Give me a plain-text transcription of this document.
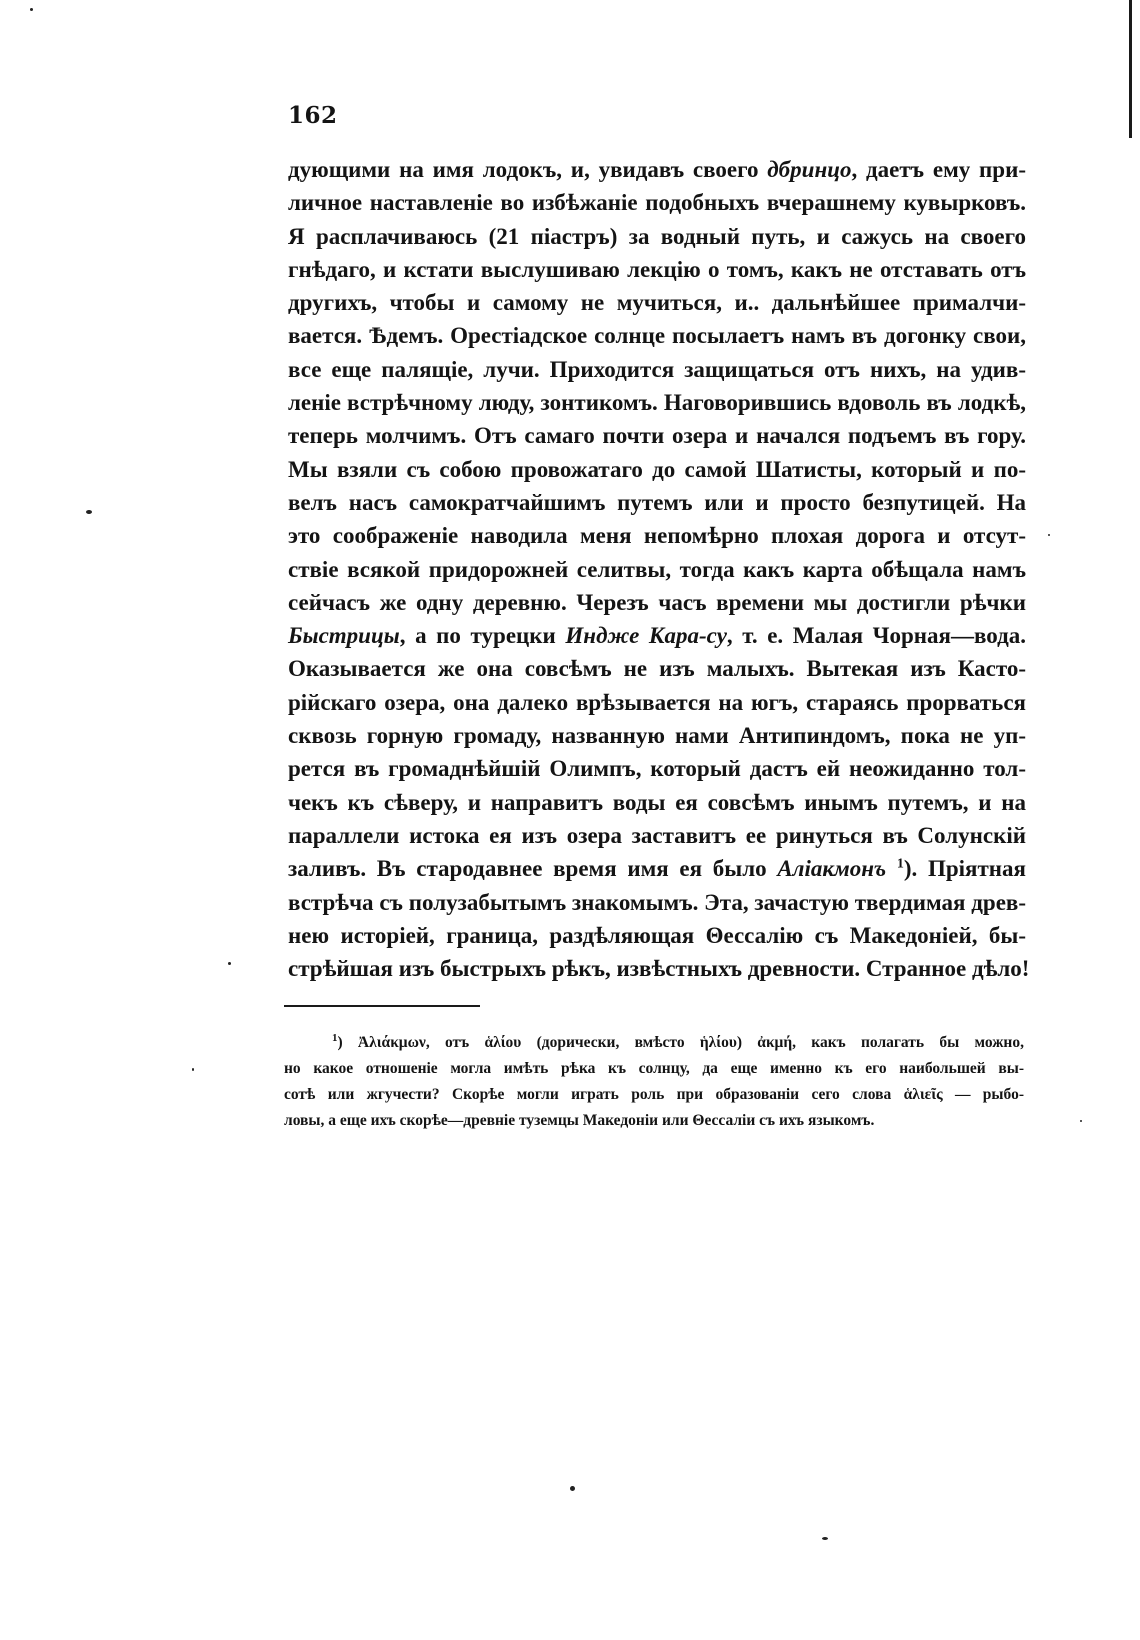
162
дующими на имя лодокъ, и, увидавъ своего дбринцо, даетъ ему при-
личное наставленіе во избѣжаніе подобныхъ вчерашнему кувырковъ.
Я расплачиваюсь (21 піастръ) за водный путь, и сажусь на своего
гнѣдаго, и кстати выслушиваю лекцію о томъ, какъ не отставать отъ
другихъ, чтобы и самому не мучиться, и.. дальнѣйшее прималчи-
вается. Ѣдемъ. Орестіадское солнце посылаетъ намъ въ догонку свои,
все еще палящіе, лучи. Приходится защищаться отъ нихъ, на удив-
леніе встрѣчному люду, зонтикомъ. Наговорившись вдоволь въ лодкѣ,
теперь молчимъ. Отъ самаго почти озера и начался подъемъ въ гору.
Мы взяли съ собою провожатаго до самой Шатисты, который и по-
велъ насъ самократчайшимъ путемъ или и просто безпутицей. На
это соображеніе наводила меня непомѣрно плохая дорога и отсут-
ствіе всякой придорожней селитвы, тогда какъ карта обѣщала намъ
сейчасъ же одну деревню. Черезъ часъ времени мы достигли рѣчки
Быстрицы, а по турецки Индже Кара-су, т. е. Малая Чорная—вода.
Оказывается же она совсѣмъ не изъ малыхъ. Вытекая изъ Касто-
рійскаго озера, она далеко врѣзывается на югъ, стараясь прорваться
сквозь горную громаду, названную нами Антипиндомъ, пока не уп-
рется въ громаднѣйшій Олимпъ, который дастъ ей неожиданно тол-
чекъ къ сѣверу, и направитъ воды ея совсѣмъ инымъ путемъ, и на
параллели истока ея изъ озера заставитъ ее ринуться въ Солунскій
заливъ. Въ стародавнее время имя ея было Алiакмонъ $^1$). Пріятная
встрѣча съ полузабытымъ знакомымъ. Эта, зачастую твердимая древ-
нею исторіей, граница, раздѣляющая Θессалію съ Македоніей, бы-
стрѣйшая изъ быстрыхъ рѣкъ, извѣстныхъ древности. Странное дѣло!
$^1$) Ἀλιάκμων, отъ ἁλίου (дорически, вмѣсто ἡλίου) ἀκμή, какъ полагать бы можно,
но какое отношеніе могла имѣть рѣка къ солнцу, да еще именно къ его наибольшей вы-
сотѣ или жгучести? Скорѣе могли играть роль при образованіи сего слова ἁλιεῖς — рыбо-
ловы, а еще ихъ скорѣе—древніе туземцы Македоніи или Θессаліи съ ихъ языкомъ.
